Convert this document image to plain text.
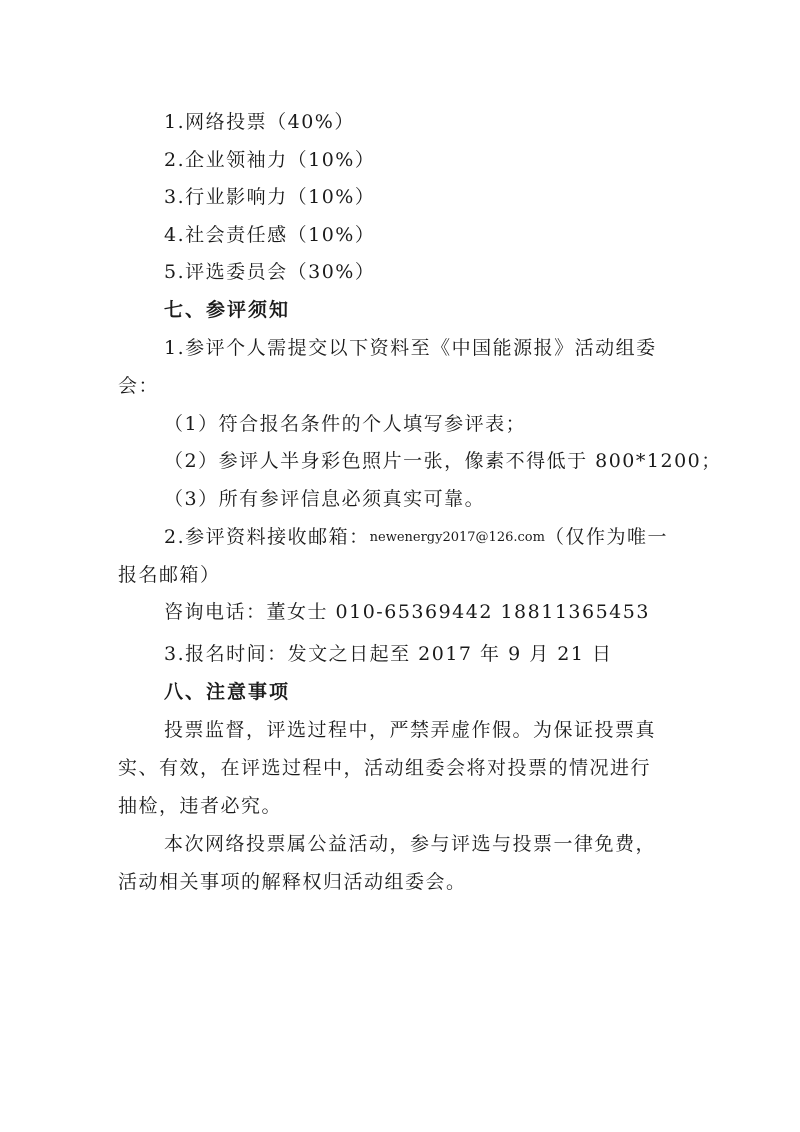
1.网络投票（40%）
2.企业领袖力（10%）
3.行业影响力（10%）
4.社会责任感（10%）
5.评选委员会（30%）
七、参评须知
1.参评个人需提交以下资料至《中国能源报》活动组委
会：
（1）符合报名条件的个人填写参评表；
（2）参评人半身彩色照片一张，像素不得低于 800*1200；
（3）所有参评信息必须真实可靠。
2.参评资料接收邮箱：newenergy2017@126.com（仅作为唯一
报名邮箱）
咨询电话：董女士 010-65369442 18811365453
3.报名时间：发文之日起至 2017 年 9 月 21 日
八、注意事项
投票监督，评选过程中，严禁弄虚作假。为保证投票真
实、有效，在评选过程中，活动组委会将对投票的情况进行
抽检，违者必究。
本次网络投票属公益活动，参与评选与投票一律免费，
活动相关事项的解释权归活动组委会。
